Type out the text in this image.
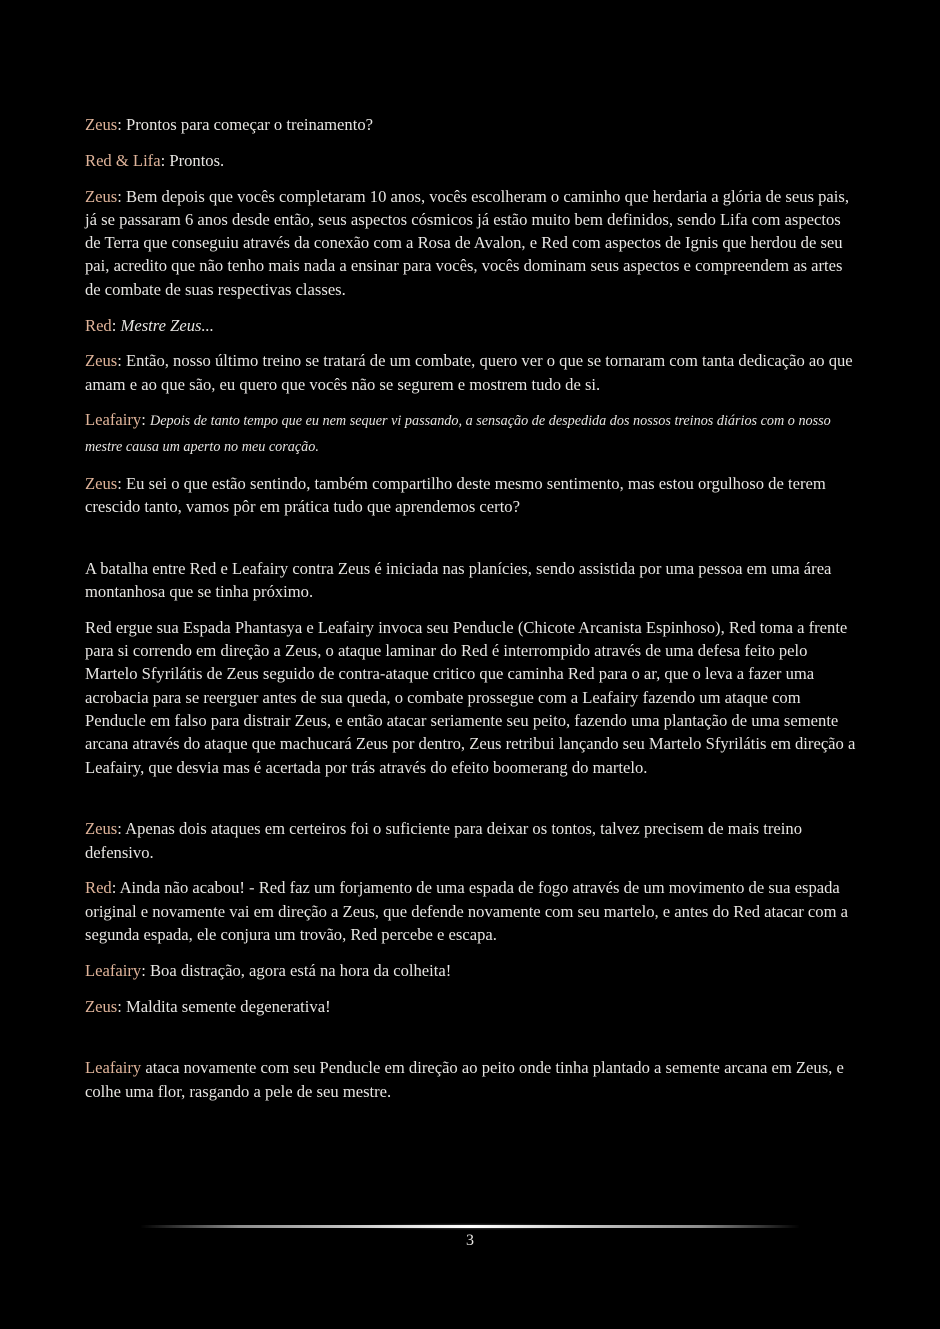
Zeus: Prontos para começar o treinamento?

Red & Lifa: Prontos.

Zeus: Bem depois que vocês completaram 10 anos, vocês escolheram o caminho que herdaria a glória de seus pais, já se passaram 6 anos desde então, seus aspectos cósmicos já estão muito bem definidos, sendo Lifa com aspectos de Terra que conseguiu através da conexão com a Rosa de Avalon, e Red com aspectos de Ignis que herdou de seu pai, acredito que não tenho mais nada a ensinar para vocês, vocês dominam seus aspectos e compreendem as artes de combate de suas respectivas classes.

Red: Mestre Zeus...

Zeus: Então, nosso último treino se tratará de um combate, quero ver o que se tornaram com tanta dedicação ao que amam e ao que são, eu quero que vocês não se segurem e mostrem tudo de si.

Leafairy: Depois de tanto tempo que eu nem sequer vi passando, a sensação de despedida dos nossos treinos diários com o nosso mestre causa um aperto no meu coração.

Zeus: Eu sei o que estão sentindo, também compartilho deste mesmo sentimento, mas estou orgulhoso de terem crescido tanto, vamos pôr em prática tudo que aprendemos certo?

A batalha entre Red e Leafairy contra Zeus é iniciada nas planícies, sendo assistida por uma pessoa em uma área montanhosa que se tinha próximo.

Red ergue sua Espada Phantasya e Leafairy invoca seu Penducle (Chicote Arcanista Espinhoso), Red toma a frente para si correndo em direção a Zeus, o ataque laminar do Red é interrompido através de uma defesa feito pelo Martelo Sfyrilátis de Zeus seguido de contra-ataque critico que caminha Red para o ar, que o leva a fazer uma acrobacia para se reerguer antes de sua queda, o combate prossegue com a Leafairy fazendo um ataque com Penducle em falso para distrair Zeus, e então atacar seriamente seu peito, fazendo uma plantação de uma semente arcana através do ataque que machucará Zeus por dentro, Zeus retribui lançando seu Martelo Sfyrilátis em direção a Leafairy, que desvia mas é acertada por trás através do efeito boomerang do martelo.

Zeus: Apenas dois ataques em certeiros foi o suficiente para deixar os tontos, talvez precisem de mais treino defensivo.

Red: Ainda não acabou! - Red faz um forjamento de uma espada de fogo através de um movimento de sua espada original e novamente vai em direção a Zeus, que defende novamente com seu martelo, e antes do Red atacar com a segunda espada, ele conjura um trovão, Red percebe e escapa.

Leafairy: Boa distração, agora está na hora da colheita!

Zeus: Maldita semente degenerativa!

Leafairy ataca novamente com seu Penducle em direção ao peito onde tinha plantado a semente arcana em Zeus, e colhe uma flor, rasgando a pele de seu mestre.

3
